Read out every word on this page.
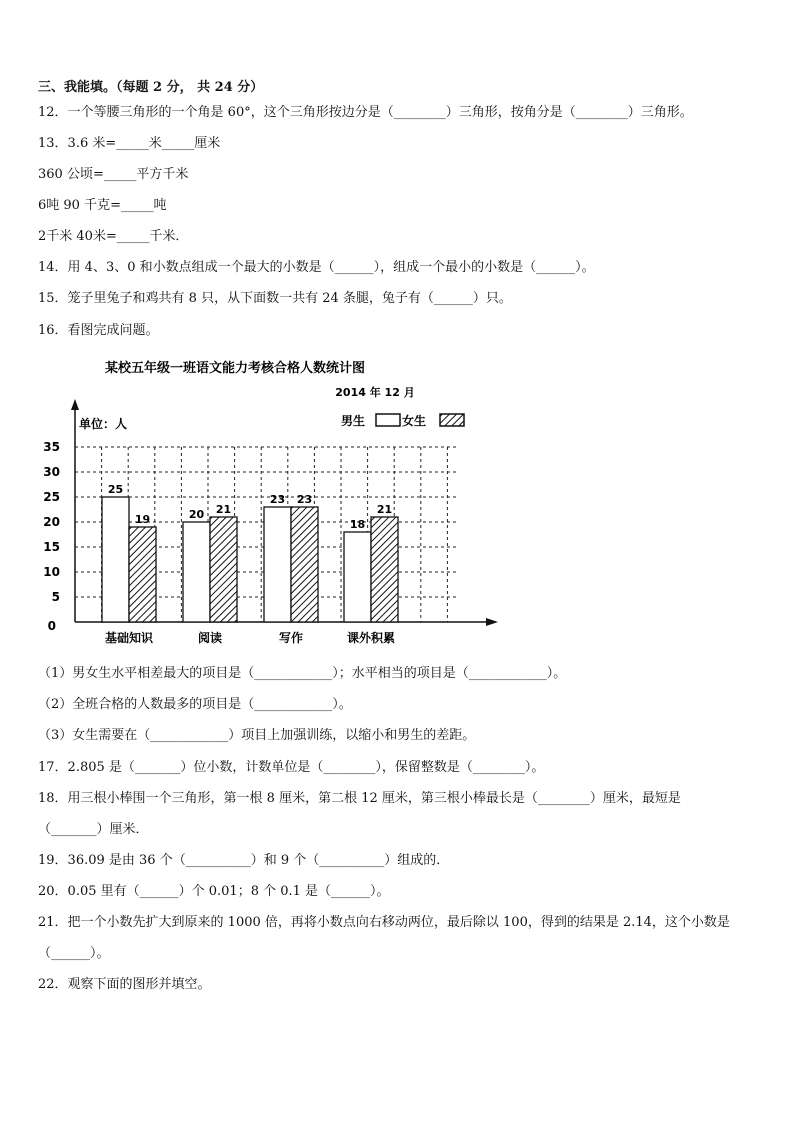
三、我能填。（每题 2 分， 共 24 分）
12．一个等腰三角形的一个角是 60°，这个三角形按边分是（________）三角形，按角分是（________）三角形。
13．3.6 米=_____米_____厘米
360 公顷=_____平方千米
6吨 90 千克=_____吨
2千米 40米=_____千米．
14．用 4、3、0 和小数点组成一个最大的小数是（______），组成一个最小的小数是（______）。
15．笼子里兔子和鸡共有 8 只，从下面数一共有 24 条腿，兔子有（______）只。
16．看图完成问题。
某校五年级一班语文能力考核合格人数统计图
2014 年 12 月
单位：人	男生	女生
0
5
10
15
20
25
30
35
25
19
基础知识
20 21
阅读
23 23
写作
18
21
课外积累
（1）男女生水平相差最大的项目是（____________）；水平相当的项目是（____________）。
（2）全班合格的人数最多的项目是（____________）。
（3）女生需要在（____________）项目上加强训练，以缩小和男生的差距。
17．2.805 是（_______）位小数，计数单位是（________），保留整数是（________）。
18．用三根小棒围一个三角形，第一根 8 厘米，第二根 12 厘米，第三根小棒最长是（________）厘米，最短是
（_______）厘米．
19．36.09 是由 36 个（__________）和 9 个（__________）组成的．
20．0.05 里有（______）个 0.01；8 个 0.1 是（______）。
21．把一个小数先扩大到原来的 1000 倍，再将小数点向右移动两位，最后除以 100，得到的结果是 2.14，这个小数是
（______）。
22．观察下面的图形并填空。
